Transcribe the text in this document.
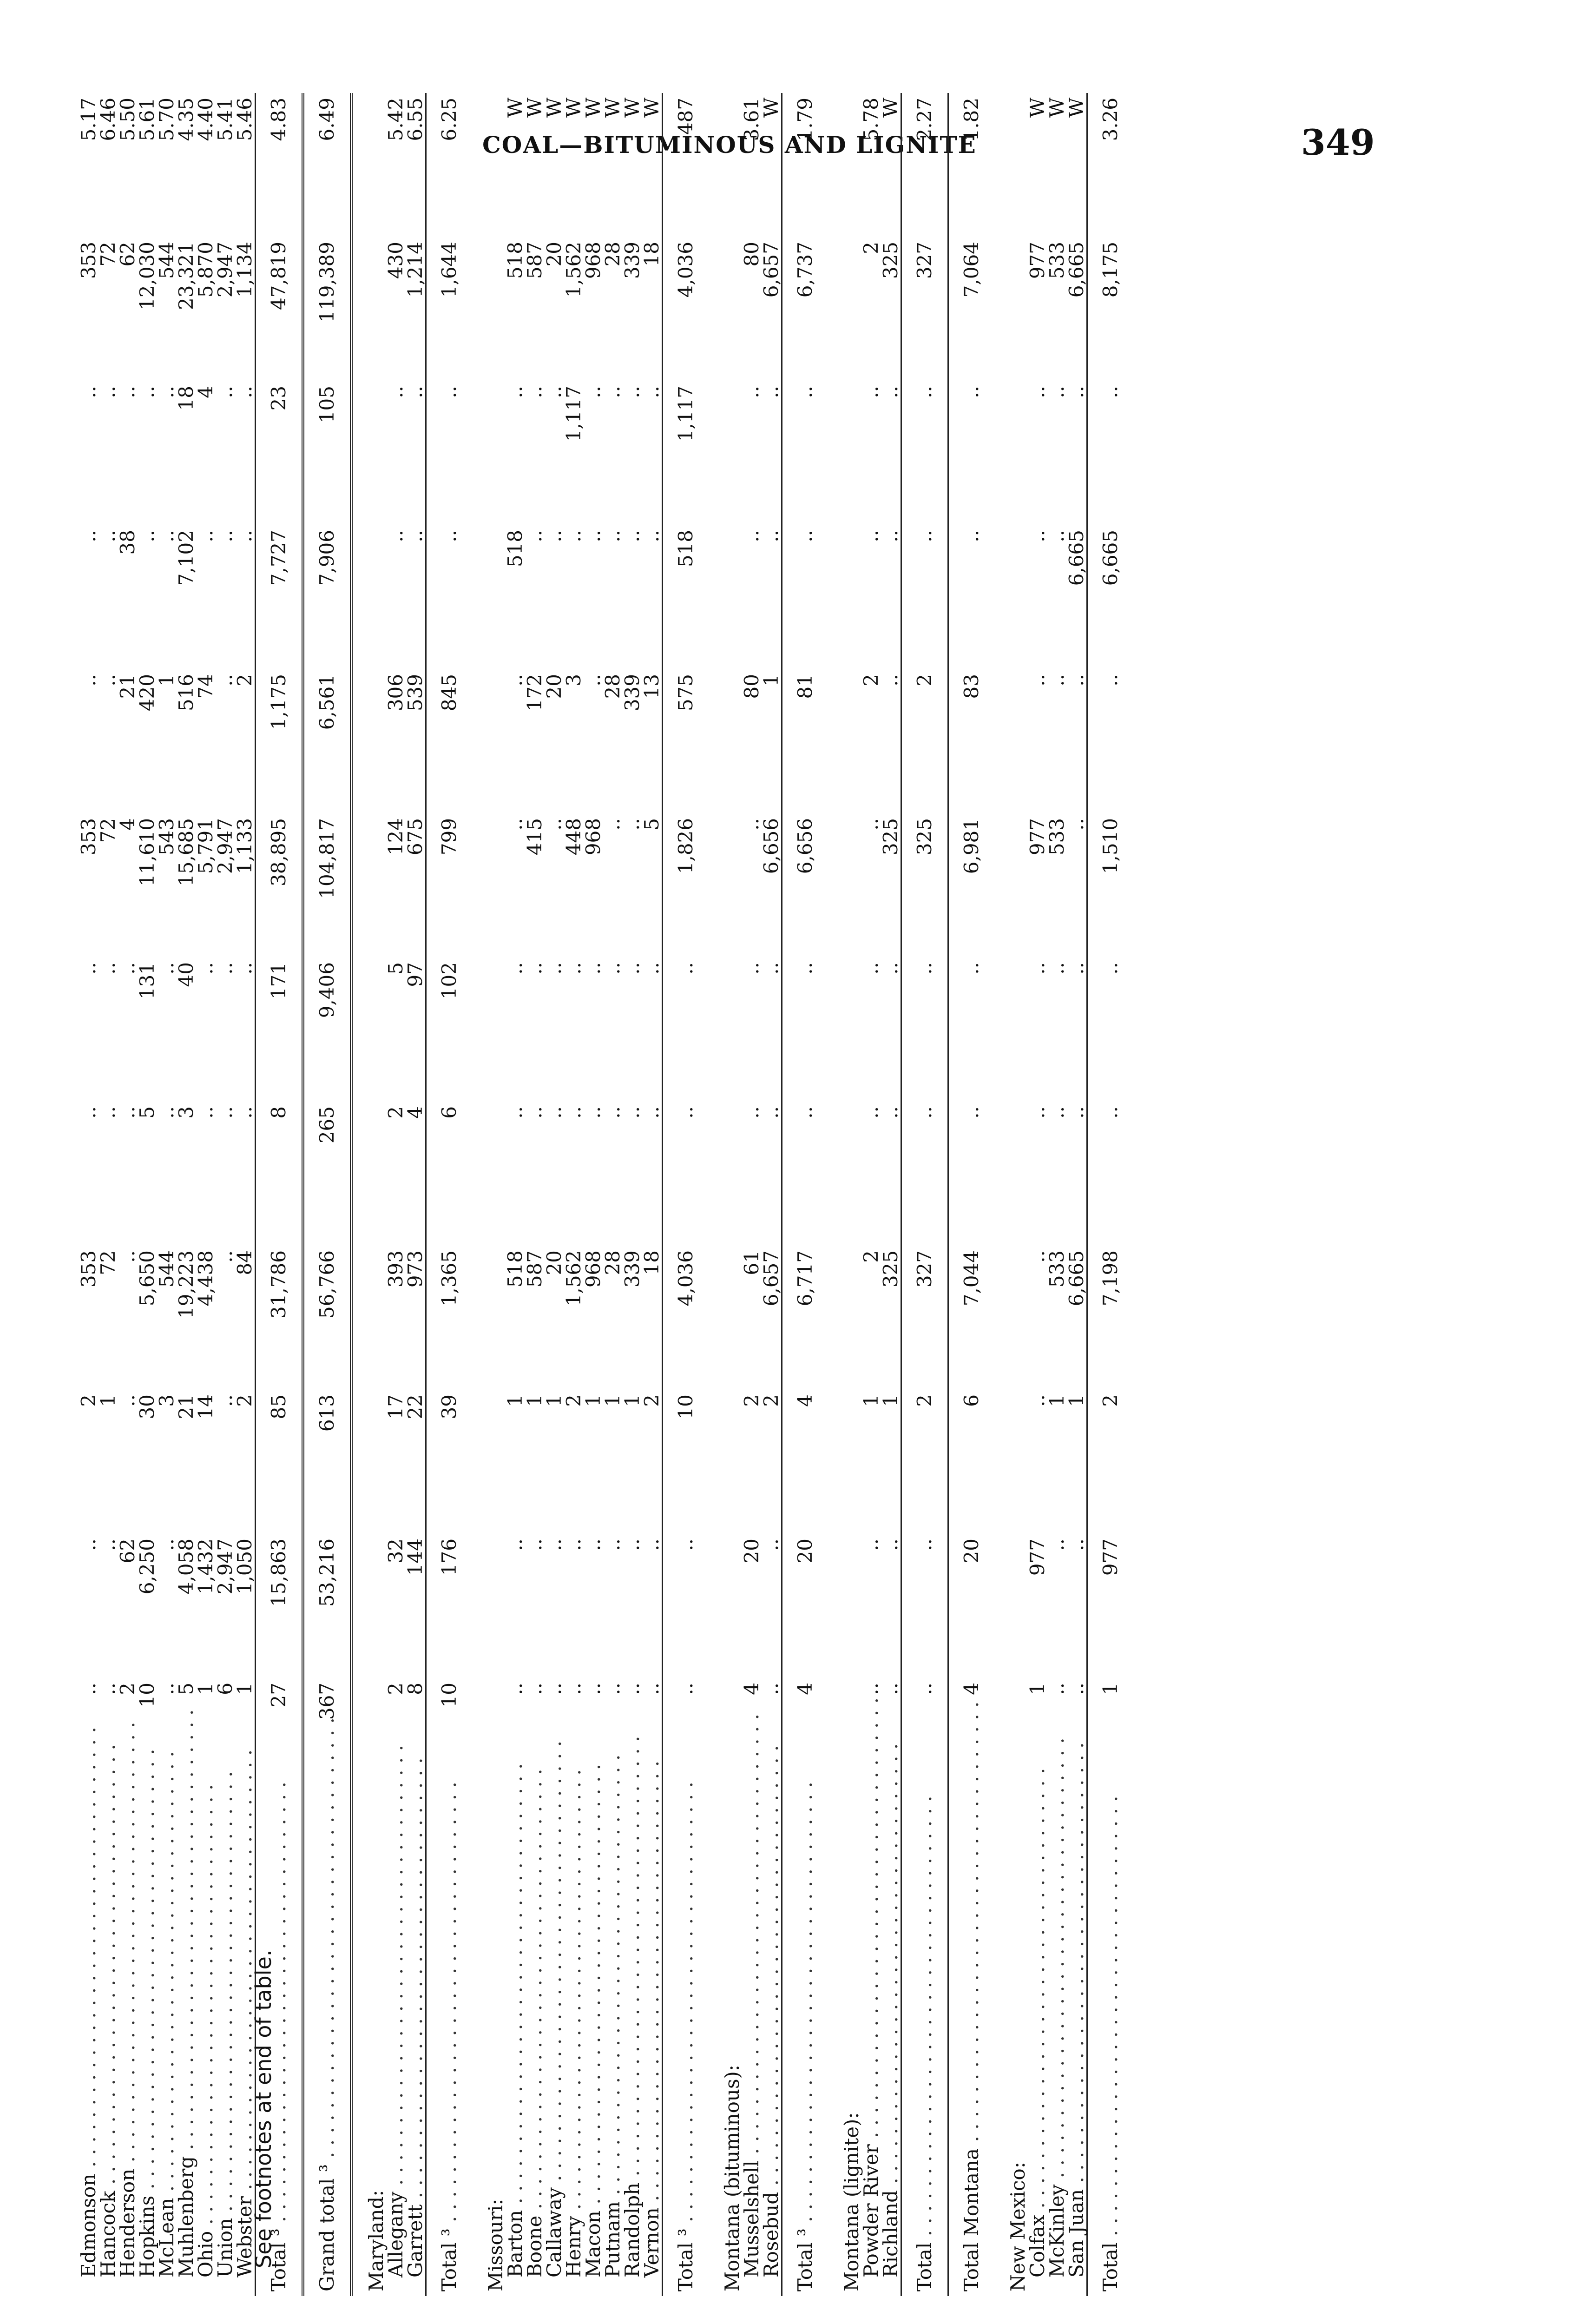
COAL—BITUMINOUS AND LIGNITE	349
Edmonson . . .	..	..	2	353	..	..	353	..	..	..	353	5.17
Hancock . . .	..	..	1	72	..	..	72	..	..	..	72	6.46
Henderson . . .	2	62	..	..	..	..	4	21	38	..	62	5.50
Hopkins . . .	10	6,250	30	5,650	5	131	11,610	420	..	..	12,030	5.61
McLean . . .	..	..	3	544	..	..	543	1	..	..	544	5.70
Muhlenberg . . .	5	4,058	21	19,223	3	40	15,685	516	7,102	18	23,321	4.35
Ohio . . .	1	1,432	14	4,438	..	..	5,791	74	..	4	5,870	4.40
Union . . .	6	2,947	..	..	..	..	2,947	..	..	..	2,947	5.41
Webster . . .	1	1,050	2	84	..	..	1,133	2	..	..	1,134	5.46
Total ³ . . .	27	15,863	85	31,786	8	171	38,895	1,175	7,727	23	47,819	4.83
Grand total ³ . . .	367	53,216	613	56,766	265	9,406	104,817	6,561	7,906	105	119,389	6.49
Maryland:												
Allegany . . .	2	32	17	393	2	5	124	306	..	..	430	5.42
Garrett . . .	8	144	22	973	4	97	675	539	..	..	1,214	6.55
Total ³ . . .	10	176	39	1,365	6	102	799	845	..	..	1,644	6.25
Missouri:												
Barton . . .	..	..	1	518	..	..	..	..	518	..	518	W
Boone . . .	..	..	1	587	..	..	415	172	..	..	587	W
Callaway . . .	..	..	1	20	..	..	..	20	..	..	20	W
Henry . . .	..	..	2	1,562	..	..	448	3	..	1,117	1,562	W
Macon . . .	..	..	1	968	..	..	968	..	..	..	968	W
Putnam . . .	..	..	1	28	..	..	..	28	..	..	28	W
Randolph . . .	..	..	1	339	..	..	..	339	..	..	339	W
Vernon . . .	..	..	2	18	..	..	5	13	..	..	18	W
Total ³ . . .	..	..	10	4,036	..	..	1,826	575	518	1,117	4,036	487
Montana (bituminous):												
Musselshell . . .	4	20	2	61	..	..	..	80	..	..	80	3.61
Rosebud . . .	..	..	2	6,657	..	..	6,656	1	..	..	6,657	W
Total ³ . . .	4	20	4	6,717	..	..	6,656	81	..	..	6,737	1.79
Montana (lignite):												
Powder River . . .	..	..	1	2	..	..	..	2	..	..	2	5.78
Richland . . .	..	..	1	325	..	..	325	..	..	..	325	W
Total . . .	..	..	2	327	..	..	325	2	..	..	327	2.27
Total Montana . . .	4	20	6	7,044	..	..	6,981	83	..	..	7,064	1.82
New Mexico:												
Colfax . . .	1	977	..	..	..	..	977	..	..	..	977	W
McKinley . . .	..	..	1	533	..	..	533	..	..	..	533	W
San Juan . . .	..	..	1	6,665	..	..	..	..	6,665	..	6,665	W
Total . . .	1	977	2	7,198	..	..	1,510	..	6,665	..	8,175	3.26
See footnotes at end of table.
